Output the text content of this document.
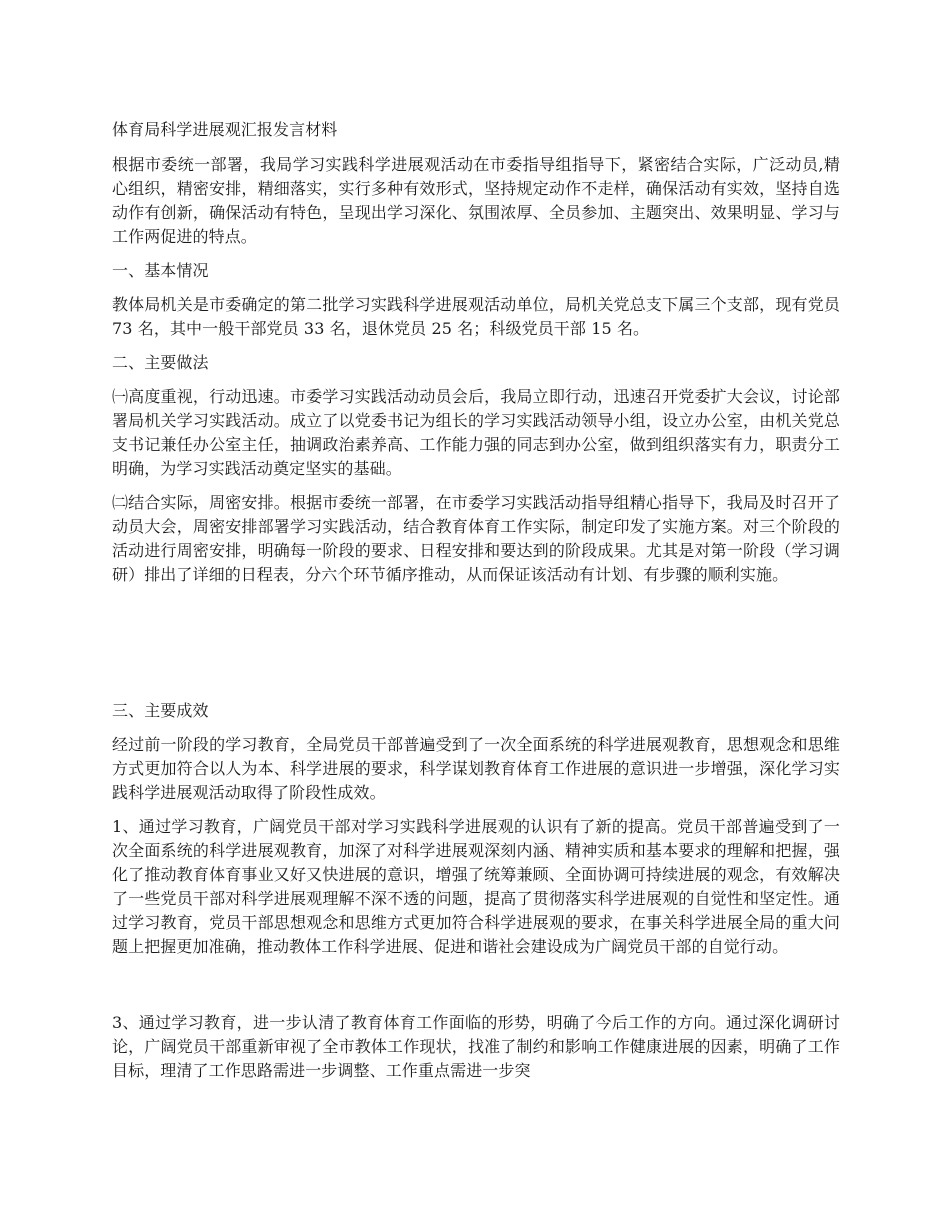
体育局科学进展观汇报发言材料

根据市委统一部署，我局学习实践科学进展观活动在市委指导组指导下，紧密结合实际，广泛动员,精心组织，精密安排，精细落实，实行多种有效形式，坚持规定动作不走样，确保活动有实效，坚持自选动作有创新，确保活动有特色，呈现出学习深化、氛围浓厚、全员参加、主题突出、效果明显、学习与工作两促进的特点。

一、基本情况

教体局机关是市委确定的第二批学习实践科学进展观活动单位，局机关党总支下属三个支部，现有党员 73 名，其中一般干部党员 33 名，退休党员 25 名；科级党员干部 15 名。

二、主要做法

㈠高度重视，行动迅速。市委学习实践活动动员会后，我局立即行动，迅速召开党委扩大会议，讨论部署局机关学习实践活动。成立了以党委书记为组长的学习实践活动领导小组，设立办公室，由机关党总支书记兼任办公室主任，抽调政治素养高、工作能力强的同志到办公室，做到组织落实有力，职责分工明确，为学习实践活动奠定坚实的基础。

㈡结合实际，周密安排。根据市委统一部署，在市委学习实践活动指导组精心指导下，我局及时召开了动员大会，周密安排部署学习实践活动，结合教育体育工作实际，制定印发了实施方案。对三个阶段的活动进行周密安排，明确每一阶段的要求、日程安排和要达到的阶段成果。尤其是对第一阶段（学习调研）排出了详细的日程表，分六个环节循序推动，从而保证该活动有计划、有步骤的顺利实施。

三、主要成效

经过前一阶段的学习教育，全局党员干部普遍受到了一次全面系统的科学进展观教育，思想观念和思维方式更加符合以人为本、科学进展的要求，科学谋划教育体育工作进展的意识进一步增强，深化学习实践科学进展观活动取得了阶段性成效。

1、通过学习教育，广阔党员干部对学习实践科学进展观的认识有了新的提高。党员干部普遍受到了一次全面系统的科学进展观教育，加深了对科学进展观深刻内涵、精神实质和基本要求的理解和把握，强化了推动教育体育事业又好又快进展的意识，增强了统筹兼顾、全面协调可持续进展的观念，有效解决了一些党员干部对科学进展观理解不深不透的问题，提高了贯彻落实科学进展观的自觉性和坚定性。通过学习教育，党员干部思想观念和思维方式更加符合科学进展观的要求，在事关科学进展全局的重大问题上把握更加准确，推动教体工作科学进展、促进和谐社会建设成为广阔党员干部的自觉行动。

3、通过学习教育，进一步认清了教育体育工作面临的形势，明确了今后工作的方向。通过深化调研讨论，广阔党员干部重新审视了全市教体工作现状，找准了制约和影响工作健康进展的因素，明确了工作目标，理清了工作思路需进一步调整、工作重点需进一步突
